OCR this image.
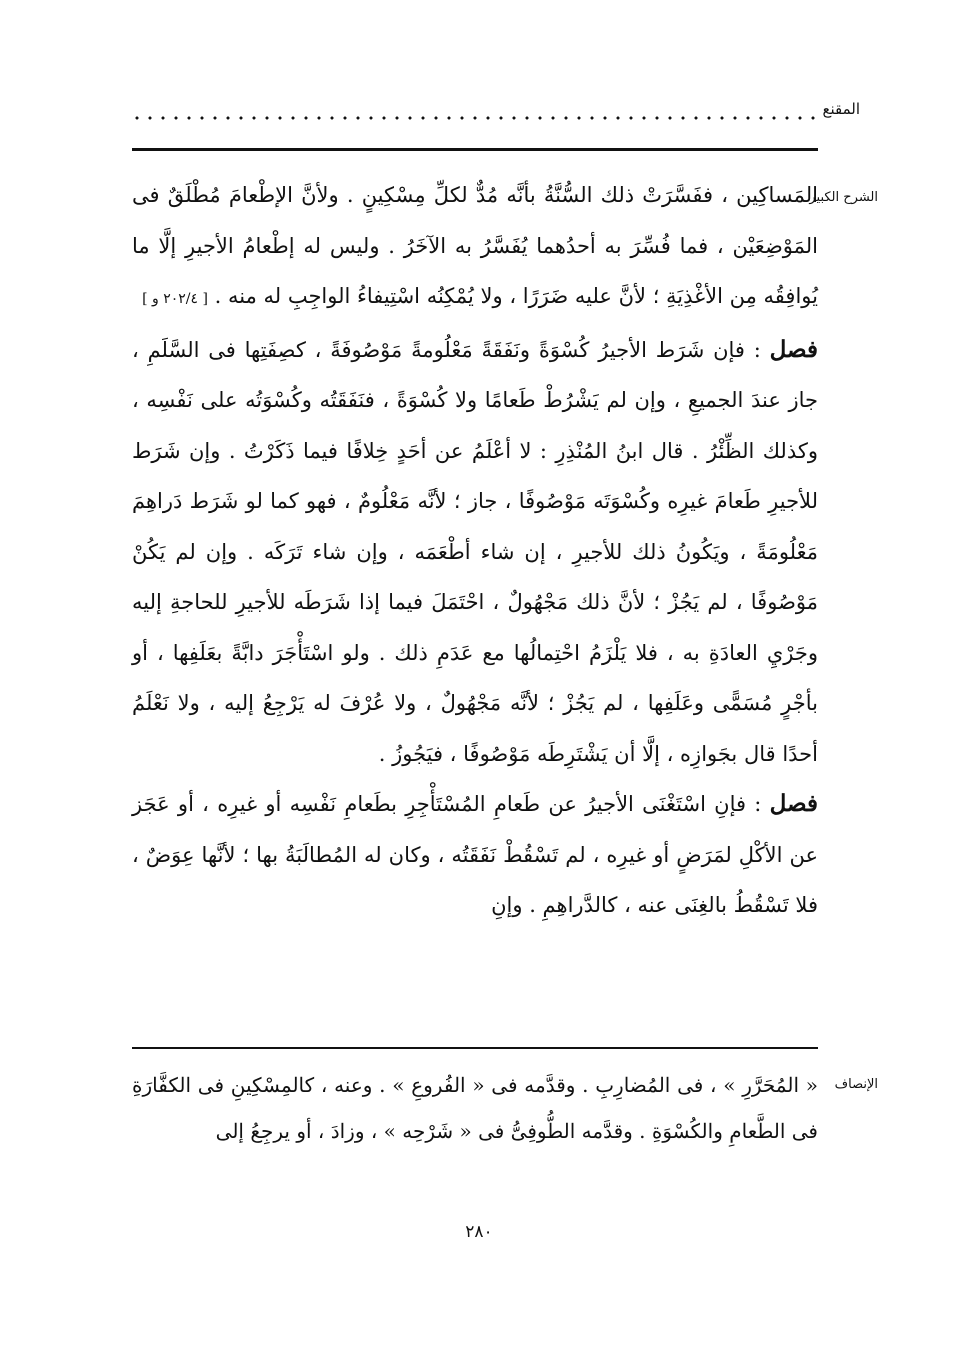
المقنع
الشرح الكبير

المَساكِين ، ففَسَّرَتْ ذلك السُّنَّةُ بأنَّه مُدٌّ لكلِّ مِسْكِينٍ . ولأنَّ الإطْعامَ مُطْلَقٌ فى المَوْضِعَيْن ، فما فُسِّرَ به أحدُهما يُفَسَّرُ به الآخَرُ . وليس له إطْعامُ الأجيرِ إلَّا ما يُوافِقُه مِن الأغْذِيَةِ ؛ لأنَّ عليه ضَرَرًا ، ولا يُمْكِنُه اسْتِيفاءُ الواجِبِ له منه . [ ٢٠٢/٤ و ]

فصل : فإن شَرَط الأجيرُ كُسْوَةً ونَفَقَةً مَعْلُومةً مَوْصُوفَةً ، كصِفَتِها فى السَّلَمِ ، جاز عندَ الجميعِ ، وإن لم يَشْرُطْ طَعامًا ولا كُسْوَةً ، فنَفَقَتُه وكُسْوَتُه على نَفْسِه ، وكذلك الظِّئْرُ . قال ابنُ المُنْذِرِ : لا أعْلَمُ عن أحَدٍ خِلافًا فيما ذَكَرْتُ . وإن شَرَط للأجيرِ طَعامَ غيرِه وكُسْوَتَه مَوْصُوفًا ، جاز ؛ لأنَّه مَعْلُومٌ ، فهو كما لو شَرَط دَراهِمَ مَعْلُومَةً ، ويَكُونُ ذلك للأجيرِ ، إن شاء أطْعَمَه ، وإن شاء تَرَكَه . وإن لم يَكُنْ مَوْصُوفًا ، لم يَجُزْ ؛ لأنَّ ذلك مَجْهُولٌ ، احْتَمَلَ فيما إذا شَرَطَه للأجيرِ للحاجةِ إليه وجَرْيِ العادَةِ به ، فلا يَلْزَمُ احْتِمالُها مع عَدَمِ ذلك . ولو اسْتَأْجَرَ دابَّةً بعَلَفِها ، أو بأجْرٍ مُسَمًّى وعَلَفِها ، لم يَجُزْ ؛ لأنَّه مَجْهُولٌ ، ولا عُرْفَ له يَرْجِعُ إليه ، ولا نَعْلَمُ أحدًا قال بجَوازِه ، إلَّا أن يَشْتَرِطَه مَوْصُوفًا ، فيَجُوزُ .

فصل : فإنِ اسْتَغْنَى الأجيرُ عن طَعامِ المُسْتَأْجِرِ بطَعامِ نَفْسِه أو غيرِه ، أو عَجَز عن الأكْلِ لمَرَضٍ أو غيرِه ، لم تَسْقُطْ نَفَقَتُه ، وكان له المُطالَبَةُ بها ؛ لأنَّها عِوَضٌ ، فلا تَسْقُطُ بالغِنَى عنه ، كالدَّراهِمِ . وإنِ

الإنصاف

« المُحَرَّرِ » ، فى المُضارِبِ . وقدَّمه فى « الفُروعِ » . وعنه ، كالمِسْكِينِ فى الكفَّارَةِ فى الطَّعامِ والكُسْوَةِ . وقدَّمه الطُّوفِىُّ فى « شَرْحِه » ، وزادَ ، أو يرجِعُ إلى

٢٨٠
